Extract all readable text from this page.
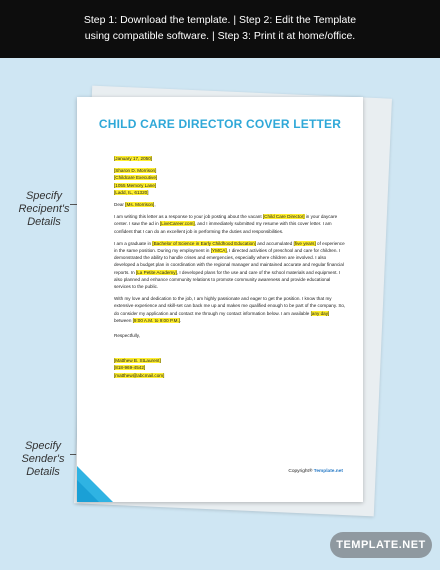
Step 1: Download the template. | Step 2: Edit the Template
using compatible software. | Step 3: Print it at home/office.
Specify Recipent's Details
Specify Sender's Details
CHILD CARE DIRECTOR COVER LETTER

[January 17, 2050]

[Sharon D. Morrison]
[Childcare Executive]
[1055 Memory Lane]
[Ladd, IL, 61320]

Dear [Ms. Morrison],

I am writing this letter as a response to your job posting about the vacant [Child Care Director] in your daycare center. I saw the ad in [LiveCareer.com], and I immediately submitted my resume with this cover letter. I am confident that I can do an excellent job in performing the duties and responsibilities.

I am a graduate in [Bachelor of Science in Early Childhood Education] and accumulated [five years] of experience in the same position. During my employment in [YMCA], I directed activities of preschool and care for children. I demonstrated the ability to handle crises and emergencies, especially where children are involved. I also developed a budget plan in coordination with the regional manager and maintained accurate and regular financial reports. In [La Petite Academy], I developed plans for the use and care of the school materials and equipment. I also planned and enhance community relations to promote community awareness and provide educational services to the public.

With my love and dedication to the job, I am highly passionate and eager to get the position. I know that my extensive experience and skill-set can back me up and makes me qualified enough to be part of the company. So, do consider my application and contact me through my contact information below. I am available [any day] between [9:00 A.M. to 9:00 P.M.].

Respectfully,

[Matthew B. StLaurent]
[818-969-4542]
[matthew@abcmail.com]

Copyright® Template.net
TEMPLATE.NET
